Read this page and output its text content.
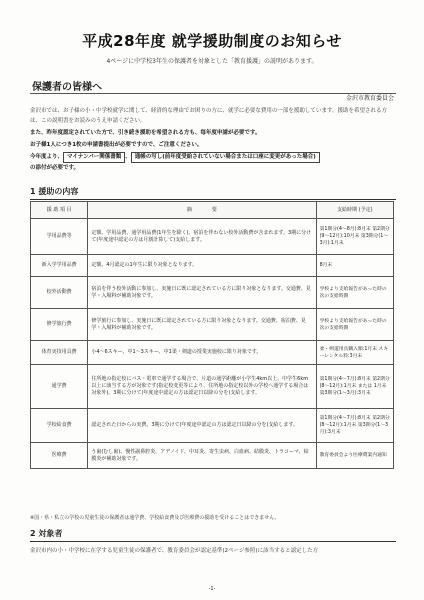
平成28年度 就学援助制度のお知らせ
4ページに中学校3年生の保護者を対象とした「教育援護」の説明があります。
保護者の皆様へ
金沢市教育委員会
金沢市では、お子様の小・中学校就学に関して、経済的な理由でお困りの方に、就学に必要な費用の一部を援助しています。援助を希望される方は、この説明書をお読みのうえ申請ください。
また、昨年度認定されていた方で、引き続き援助を希望される方も、毎年度申請が必要です。
お子様1人につき1枚の申請書提出が必要ですので、ご注意ください。
今年度より、 マイナンバー関係書類 、 通帳の写し(前年度受給されていない場合または口座に変更があった場合)
の添付が必要です。
1 援助の内容
援 助 項 目	摘　　　　要	支給時期 (予定)
学用品費等	定額。学用品費、通学用品費(1年生を除く)、宿泊を伴わない校外活動費が含まれます。3期に分けて(年度途中認定の方は月割計算して)支給します。	第1期分(4〜8月):8月末 第2期分(9〜12月):10月末 第3期分(1〜3月):1月末
新入学学用品費	定額。4月認定の1年生に限り対象となります。	8月末
校外活動費	宿泊を伴う校外活動に参加し、実施日に既に認定されている方に限り対象となります。交通費、見学・入場料が補助対象です。	学校より支給報告があった時の次の支給時期
修学旅行費	修学旅行に参加し、実施日に既に認定されている方に限り対象となります。交通費、宿泊費、見学・入場料が補助対象です。	学校より支給報告があった時の次の支給時期
体育実技用具費	小4〜6スキー、中1〜3スキー、中1柔・剣道の授業実施校に限り対象です。	柔・剣道用具購入額:1月末 スキーレンタル料:3月末
通学費	住所地の指定校にバス・電車で通学する場合で、片道の通学距離が小学生4km以上、中学生6km以上に該当する方が対象です(指定校変更等により、住所地の指定校以外の学校へ通学する場合は対象外)。3期に分けて(年度途中認定の方は認定日以降の分を)支給します。	第1期分(4〜7月):8月末 第2期分(8〜12月):1月末 または 1月末 第3期分(1〜3月):3月末
学校給食費	認定された日からの実費。3期に分けて(年度途中認定の方は認定日以降の分を)支給します。	第1期分(4〜7月):8月末 第2期分(8〜12月):1月末 第3期分(1〜3月):3月末
医療費	う歯(むし歯)、慢性副鼻腔炎、アデノイド、中耳炎、寄生虫病、白血病、結膜炎、トラコーマ、結膜炎が補助対象です。	教育委員会より医療費案内通知
※国・県・私立の学校の児童生徒の保護者は通学費、学校給食費及び医療費の援助を受けることはできません。
2 対象者
金沢市内の小・中学校に在学する児童生徒の保護者で、教育委員会が認定基準(2ページ参照)に該当すると認定した方
-1-
